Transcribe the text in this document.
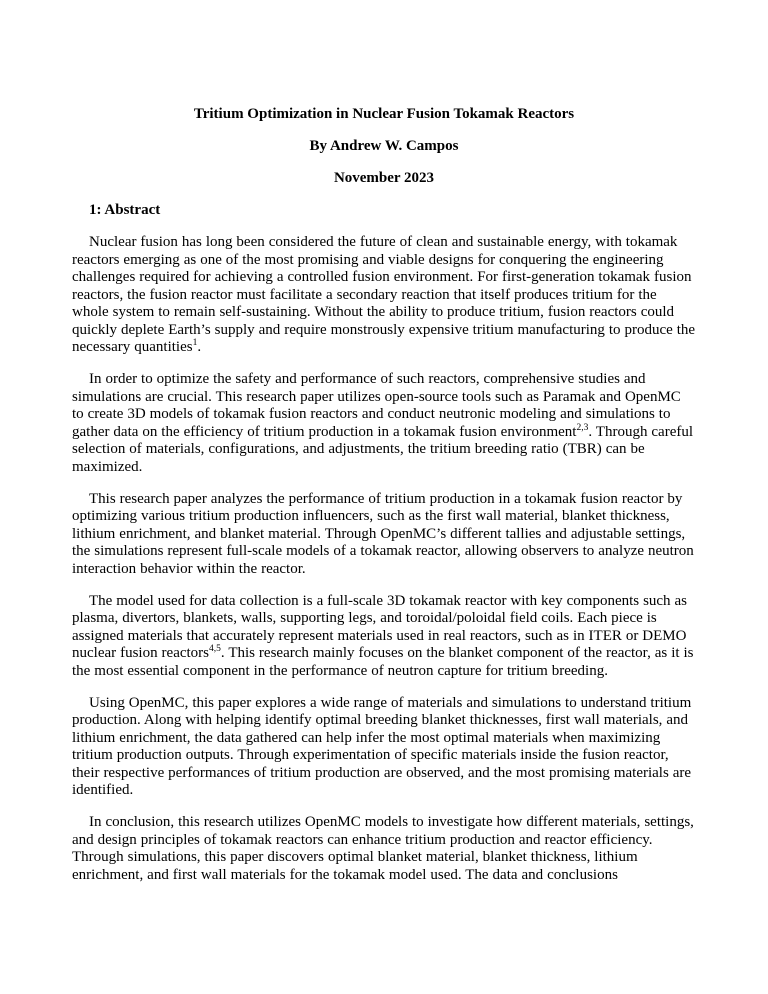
Tritium Optimization in Nuclear Fusion Tokamak Reactors

By Andrew W. Campos

November 2023

1: Abstract

Nuclear fusion has long been considered the future of clean and sustainable energy, with tokamak reactors emerging as one of the most promising and viable designs for conquering the engineering challenges required for achieving a controlled fusion environment. For first-generation tokamak fusion reactors, the fusion reactor must facilitate a secondary reaction that itself produces tritium for the whole system to remain self-sustaining. Without the ability to produce tritium, fusion reactors could quickly deplete Earth’s supply and require monstrously expensive tritium manufacturing to produce the necessary quantities$^1$.

In order to optimize the safety and performance of such reactors, comprehensive studies and simulations are crucial. This research paper utilizes open-source tools such as Paramak and OpenMC to create 3D models of tokamak fusion reactors and conduct neutronic modeling and simulations to gather data on the efficiency of tritium production in a tokamak fusion environment$^{2,3}$. Through careful selection of materials, configurations, and adjustments, the tritium breeding ratio (TBR) can be maximized.

This research paper analyzes the performance of tritium production in a tokamak fusion reactor by optimizing various tritium production influencers, such as the first wall material, blanket thickness, lithium enrichment, and blanket material. Through OpenMC’s different tallies and adjustable settings, the simulations represent full-scale models of a tokamak reactor, allowing observers to analyze neutron interaction behavior within the reactor.

The model used for data collection is a full-scale 3D tokamak reactor with key components such as plasma, divertors, blankets, walls, supporting legs, and toroidal/poloidal field coils. Each piece is assigned materials that accurately represent materials used in real reactors, such as in ITER or DEMO nuclear fusion reactors$^{4,5}$. This research mainly focuses on the blanket component of the reactor, as it is the most essential component in the performance of neutron capture for tritium breeding.

Using OpenMC, this paper explores a wide range of materials and simulations to understand tritium production. Along with helping identify optimal breeding blanket thicknesses, first wall materials, and lithium enrichment, the data gathered can help infer the most optimal materials when maximizing tritium production outputs. Through experimentation of specific materials inside the fusion reactor, their respective performances of tritium production are observed, and the most promising materials are identified.

In conclusion, this research utilizes OpenMC models to investigate how different materials, settings, and design principles of tokamak reactors can enhance tritium production and reactor efficiency. Through simulations, this paper discovers optimal blanket material, blanket thickness, lithium enrichment, and first wall materials for the tokamak model used. The data and conclusions
